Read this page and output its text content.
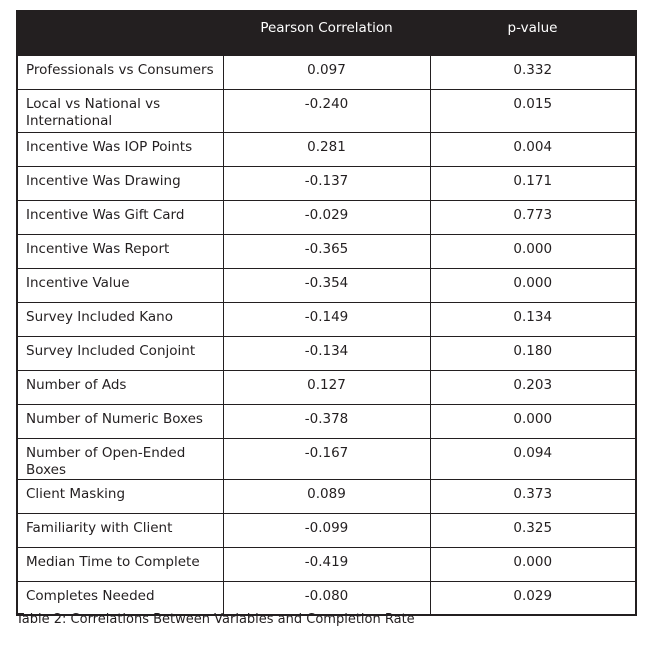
	Pearson Correlation	p-value
Professionals vs Consumers	0.097	0.332
Local vs National vs International	-0.240	0.015
Incentive Was IOP Points	0.281	0.004
Incentive Was Drawing	-0.137	0.171
Incentive Was Gift Card	-0.029	0.773
Incentive Was Report	-0.365	0.000
Incentive Value	-0.354	0.000
Survey Included Kano	-0.149	0.134
Survey Included Conjoint	-0.134	0.180
Number of Ads	0.127	0.203
Number of Numeric Boxes	-0.378	0.000
Number of Open-Ended Boxes	-0.167	0.094
Client Masking	0.089	0.373
Familiarity with Client	-0.099	0.325
Median Time to Complete	-0.419	0.000
Completes Needed	-0.080	0.029
Table 2: Correlations Between Variables and Completion Rate
